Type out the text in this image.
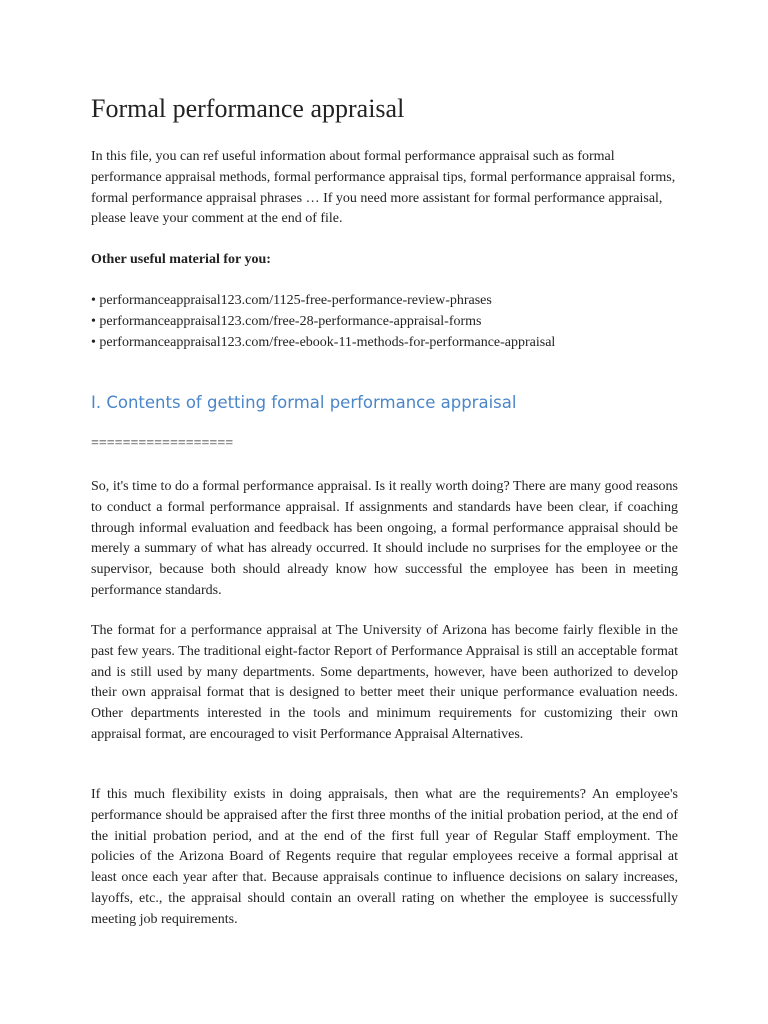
Formal performance appraisal

In this file, you can ref useful information about formal performance appraisal such as formal performance appraisal methods, formal performance appraisal tips, formal performance appraisal forms, formal performance appraisal phrases … If you need more assistant for formal performance appraisal, please leave your comment at the end of file.

Other useful material for you:

• performanceappraisal123.com/1125-free-performance-review-phrases
• performanceappraisal123.com/free-28-performance-appraisal-forms
• performanceappraisal123.com/free-ebook-11-methods-for-performance-appraisal
I. Contents of getting formal performance appraisal

==================

So, it's time to do a formal performance appraisal. Is it really worth doing? There are many good reasons to conduct a formal performance appraisal. If assignments and standards have been clear, if coaching through informal evaluation and feedback has been ongoing, a formal performance appraisal should be merely a summary of what has already occurred. It should include no surprises for the employee or the supervisor, because both should already know how successful the employee has been in meeting performance standards.

The format for a performance appraisal at The University of Arizona has become fairly flexible in the past few years. The traditional eight-factor Report of Performance Appraisal is still an acceptable format and is still used by many departments. Some departments, however, have been authorized to develop their own appraisal format that is designed to better meet their unique performance evaluation needs. Other departments interested in the tools and minimum requirements for customizing their own appraisal format, are encouraged to visit Performance Appraisal Alternatives.

If this much flexibility exists in doing appraisals, then what are the requirements? An employee's performance should be appraised after the first three months of the initial probation period, at the end of the initial probation period, and at the end of the first full year of Regular Staff employment. The policies of the Arizona Board of Regents require that regular employees receive a formal apprisal at least once each year after that. Because appraisals continue to influence decisions on salary increases, layoffs, etc., the appraisal should contain an overall rating on whether the employee is successfully meeting job requirements.
